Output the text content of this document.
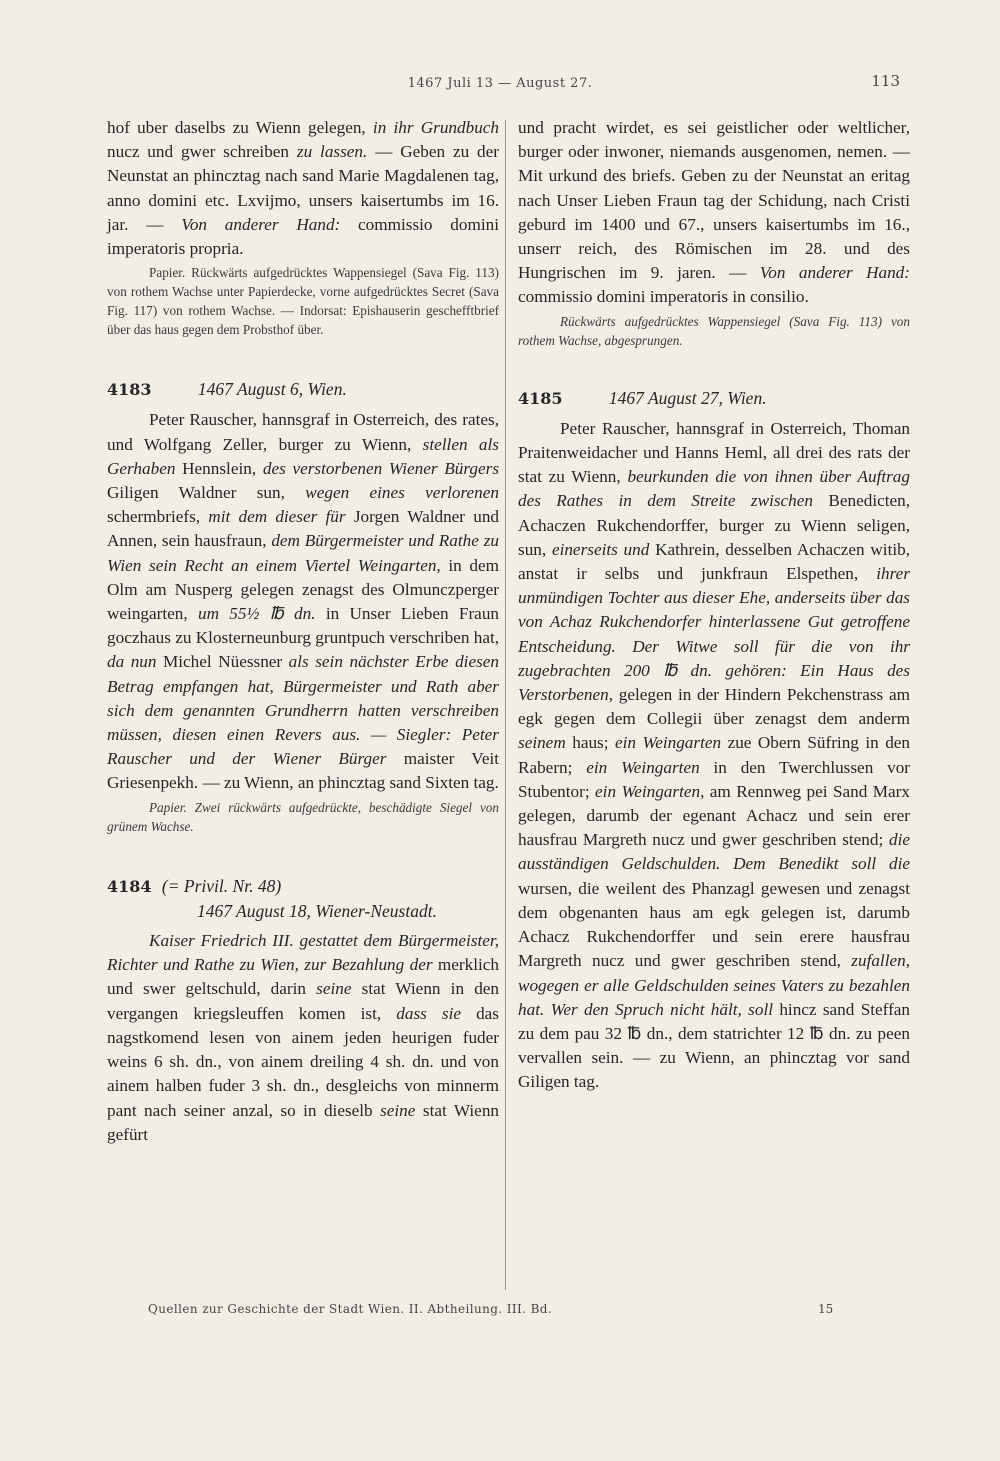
1467 Juli 13 — August 27.	113

hof uber daselbs zu Wienn gelegen, in ihr Grundbuch nucz und gwer schreiben zu lassen. — Geben zu der Neunstat an phincztag nach sand Marie Magdalenen tag, anno domini etc. Lxvijmo, unsers kaisertumbs im 16. jar. — Von anderer Hand: commissio domini imperatoris propria.

Papier. Rückwärts aufgedrücktes Wappensiegel (Sava Fig. 113) von rothem Wachse unter Papierdecke, vorne aufgedrücktes Secret (Sava Fig. 117) von rothem Wachse. — Indorsat: Epishauserin geschefftbrief über das haus gegen dem Probsthof über.

4183	1467 August 6, Wien.

Peter Rauscher, hannsgraf in Osterreich, des rates, und Wolfgang Zeller, burger zu Wienn, stellen als Gerhaben Hennslein, des verstorbenen Wiener Bürgers Giligen Waldner sun, wegen eines verlorenen schermbriefs, mit dem dieser für Jorgen Waldner und Annen, sein hausfraun, dem Bürgermeister und Rathe zu Wien sein Recht an einem Viertel Weingarten, in dem Olm am Nusperg gelegen zenagst des Olmunczperger weingarten, um 55½ ℔ dn. in Unser Lieben Fraun goczhaus zu Klosterneunburg gruntpuch verschriben hat, da nun Michel Nüessner als sein nächster Erbe diesen Betrag empfangen hat, Bürgermeister und Rath aber sich dem genannten Grundherrn hatten verschreiben müssen, diesen einen Revers aus. — Siegler: Peter Rauscher und der Wiener Bürger maister Veit Griesenpekh. — zu Wienn, an phincztag sand Sixten tag.

Papier. Zwei rückwärts aufgedrückte, beschädigte Siegel von grünem Wachse.

4184 (= Privil. Nr. 48)
1467 August 18, Wiener-Neustadt.

Kaiser Friedrich III. gestattet dem Bürgermeister, Richter und Rathe zu Wien, zur Bezahlung der merklich und swer geltschuld, darin seine stat Wienn in den vergangen kriegsleuffen komen ist, dass sie das nagstkomend lesen von ainem jeden heurigen fuder weins 6 sh. dn., von ainem dreiling 4 sh. dn. und von ainem halben fuder 3 sh. dn., desgleichs von minnerm pant nach seiner anzal, so in dieselb seine stat Wienn gefürt

und pracht wirdet, es sei geistlicher oder weltlicher, burger oder inwoner, niemands ausgenomen, nemen. — Mit urkund des briefs. Geben zu der Neunstat an eritag nach Unser Lieben Fraun tag der Schidung, nach Cristi geburd im 1400 und 67., unsers kaisertumbs im 16., unserr reich, des Römischen im 28. und des Hungrischen im 9. jaren. — Von anderer Hand: commissio domini imperatoris in consilio.

Rückwärts aufgedrücktes Wappensiegel (Sava Fig. 113) von rothem Wachse, abgesprungen.

4185	1467 August 27, Wien.

Peter Rauscher, hannsgraf in Osterreich, Thoman Praitenweidacher und Hanns Heml, all drei des rats der stat zu Wienn, beurkunden die von ihnen über Auftrag des Rathes in dem Streite zwischen Benedicten, Achaczen Rukchendorffer, burger zu Wienn seligen, sun, einerseits und Kathrein, desselben Achaczen witib, anstat ir selbs und junkfraun Elspethen, ihrer unmündigen Tochter aus dieser Ehe, anderseits über das von Achaz Rukchendorfer hinterlassene Gut getroffene Entscheidung. Der Witwe soll für die von ihr zugebrachten 200 ℔ dn. gehören: Ein Haus des Verstorbenen, gelegen in der Hindern Pekchenstrass am egk gegen dem Collegii über zenagst dem anderm seinem haus; ein Weingarten zue Obern Süfring in den Rabern; ein Weingarten in den Twerchlussen vor Stubentor; ein Weingarten, am Rennweg pei Sand Marx gelegen, darumb der egenant Achacz und sein erer hausfrau Margreth nucz und gwer geschriben stend; die ausständigen Geldschulden. Dem Benedikt soll die wursen, die weilent des Phanzagl gewesen und zenagst dem obgenanten haus am egk gelegen ist, darumb Achacz Rukchendorffer und sein erere hausfrau Margreth nucz und gwer geschriben stend, zufallen, wogegen er alle Geldschulden seines Vaters zu bezahlen hat. Wer den Spruch nicht hält, soll hincz sand Steffan zu dem pau 32 ℔ dn., dem statrichter 12 ℔ dn. zu peen vervallen sein. — zu Wienn, an phincztag vor sand Giligen tag.

Quellen zur Geschichte der Stadt Wien. II. Abtheilung. III. Bd.	15
